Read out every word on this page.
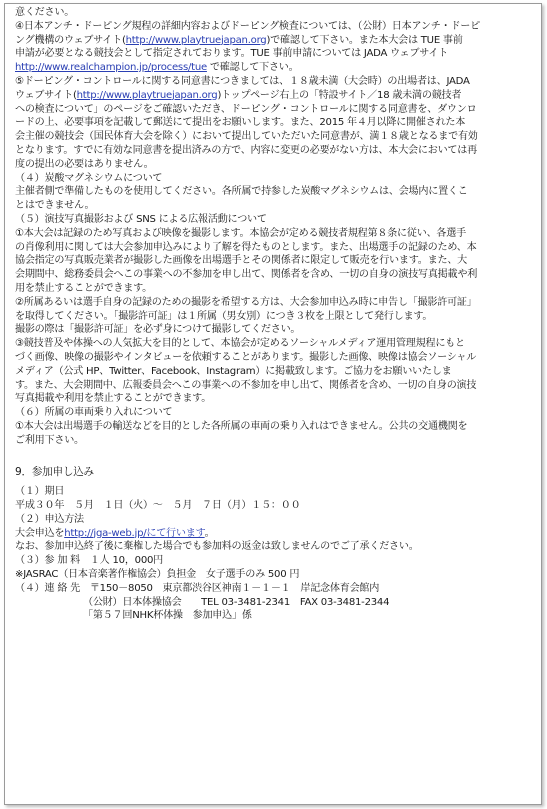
意ください。
④日本アンチ・ドーピング規程の詳細内容およびドーピング検査については、（公財）日本アンチ・ドーピ
ング機構のウェブサイト(http://www.playtruejapan.org)で確認して下さい。また本大会は TUE 事前
申請が必要となる競技会として指定されております。TUE 事前申請については JADA ウェブサイト
http://www.realchampion.jp/process/tue で確認して下さい。
⑤ドーピング・コントロールに関する同意書につきましては、１８歳未満（大会時）の出場者は、JADA
ウェブサイト(http://www.playtruejapan.org)トップページ右上の「特設サイト／18 歳未満の競技者
への検査について」のページをご確認いただき、ドーピング・コントロールに関する同意書を、ダウンロ
ードの上、必要事項を記載して郵送にて提出をお願いします。また、2015 年４月以降に開催された本
会主催の競技会（国民体育大会を除く）において提出していただいた同意書が、満１８歳となるまで有効
となります。すでに有効な同意書を提出済みの方で、内容に変更の必要がない方は、本大会においては再
度の提出の必要はありません。
（４）炭酸マグネシウムについて
主催者側で準備したものを使用してください。各所属で持参した炭酸マグネシウムは、会場内に置くこ
とはできません。
（５）演技写真撮影および SNS による広報活動について
①本大会は記録のため写真および映像を撮影します。本協会が定める競技者規程第８条に従い、各選手
の肖像利用に関しては大会参加申込みにより了解を得たものとします。また、出場選手の記録のため、本
協会指定の写真販売業者が撮影した画像を出場選手とその関係者に限定して販売を行います。また、大
会期間中、総務委員会へこの事業への不参加を申し出て、関係者を含め、一切の自身の演技写真掲載や利
用を禁止することができます。
②所属あるいは選手自身の記録のための撮影を希望する方は、大会参加申込み時に申告し「撮影許可証」
を取得してください。「撮影許可証」は１所属（男女別）につき３枚を上限として発行します。
撮影の際は「撮影許可証」を必ず身につけて撮影してください。
③競技普及や体操への人気拡大を目的として、本協会が定めるソーシャルメディア運用管理規程にもと
づく画像、映像の撮影やインタビューを依頼することがあります。撮影した画像、映像は協会ソーシャル
メディア（公式 HP、Twitter、Facebook、Instagram）に掲載致します。ご協力をお願いいたしま
す。また、大会期間中、広報委員会へこの事業への不参加を申し出て、関係者を含め、一切の自身の演技
写真掲載や利用を禁止することができます。
（６）所属の車両乗り入れについて
①本大会は出場選手の輸送などを目的とした各所属の車両の乗り入れはできません。公共の交通機関を
ご利用下さい。
9．参加申し込み
（１）期日
平成３０年　５月　１日（火）～　５月　７日（月）１５：００
（２）申込方法
大会申込をhttp://jga-web.jp/にて行います。
なお、参加申込終了後に棄権した場合でも参加料の返金は致しませんのでご了承ください。
（３）参 加 料　１人 10，000円
※JASRAC（日本音楽著作権協会）負担金　女子選手のみ 500 円
（４）連 絡 先　〒150－8050　東京都渋谷区神南１－１－１　岸記念体育会館内
（公財）日本体操協会　　TEL 03-3481-2341　FAX 03-3481-2344
「第５７回NHK杯体操　参加申込」係
